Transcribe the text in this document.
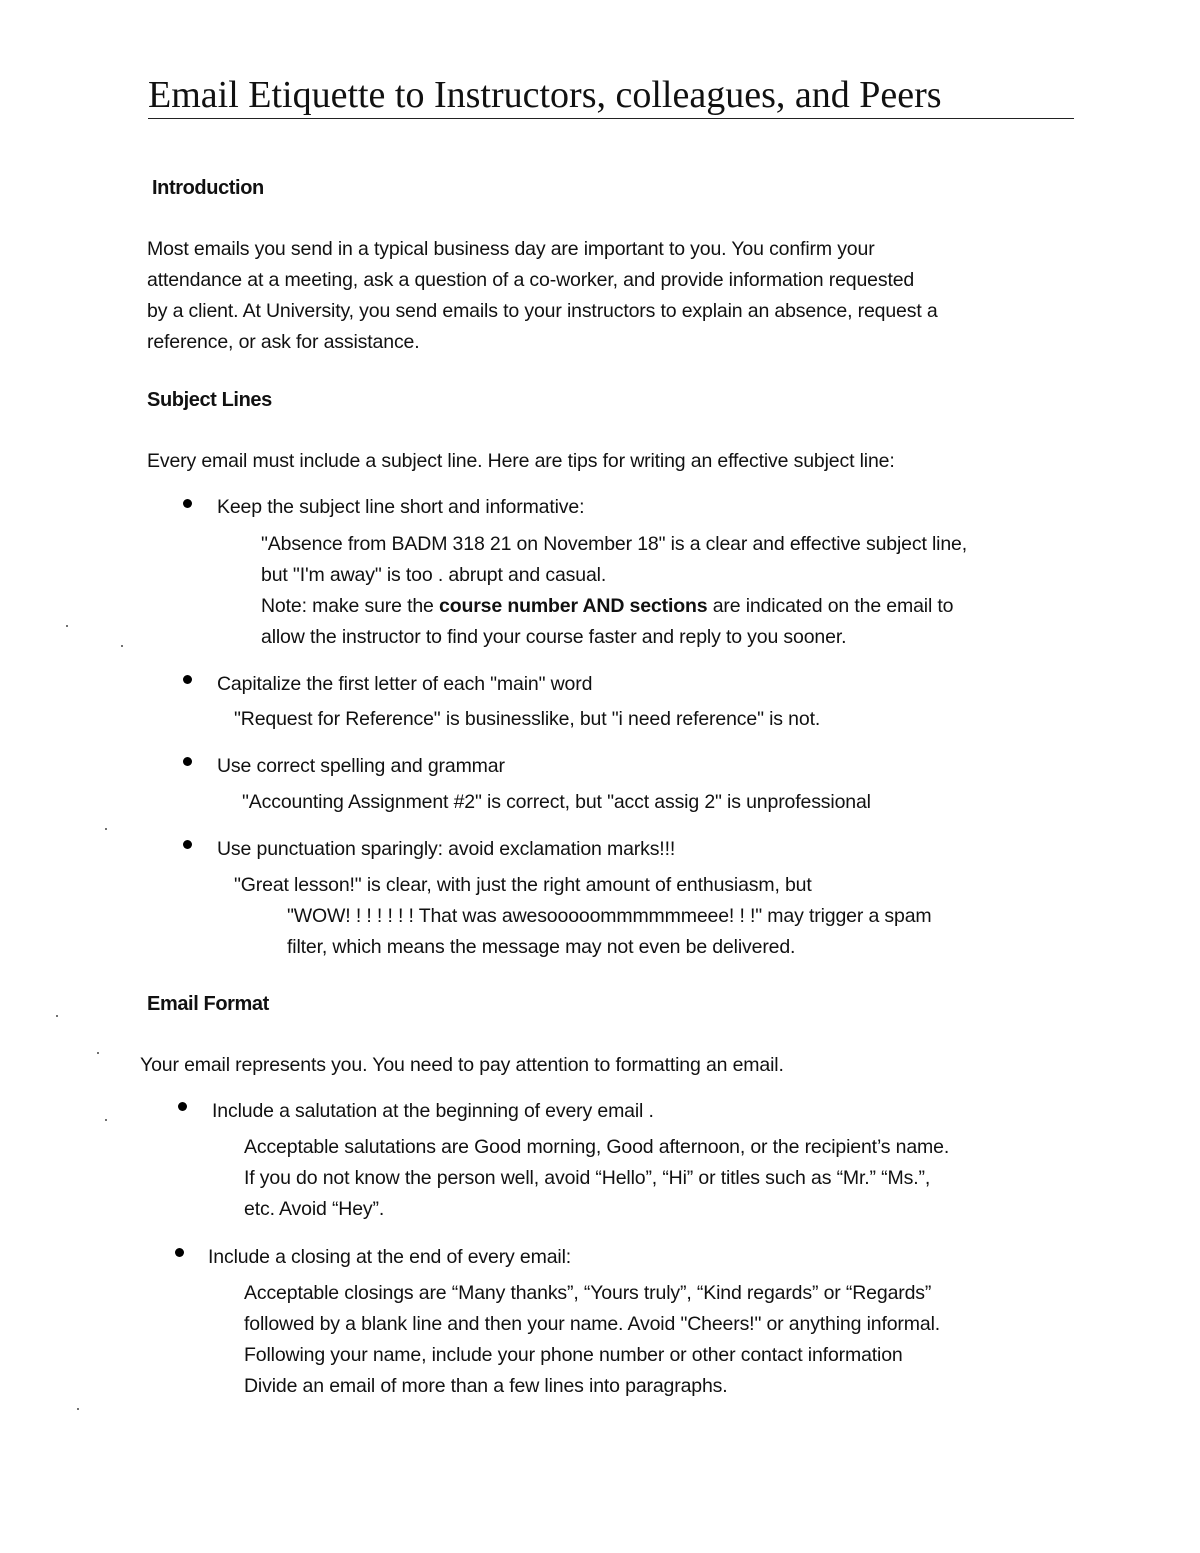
Email Etiquette to Instructors, colleagues, and Peers
Introduction
Most emails you send in a typical business day are important to you. You confirm your
attendance at a meeting, ask a question of a co-worker, and provide information requested
by a client. At University, you send emails to your instructors to explain an absence, request a
reference, or ask for assistance.
Subject Lines
Every email must include a subject line. Here are tips for writing an effective subject line:
Keep the subject line short and informative:
"Absence from BADM 318 21 on November 18" is a clear and effective subject line,
but "I'm away" is too . abrupt and casual.
Note: make sure the course number AND sections are indicated on the email to
allow the instructor to find your course faster and reply to you sooner.
Capitalize the first letter of each "main" word
"Request for Reference" is businesslike, but "i need reference" is not.
Use correct spelling and grammar
"Accounting Assignment #2" is correct, but "acct assig 2" is unprofessional
Use punctuation sparingly: avoid exclamation marks!!!
"Great lesson!" is clear, with just the right amount of enthusiasm, but
"WOW! ! ! ! ! ! ! That was awesooooommmmmmeee! ! !" may trigger a spam
filter, which means the message may not even be delivered.
Email Format
Your email represents you. You need to pay attention to formatting an email.
Include a salutation at the beginning of every email .
Acceptable salutations are Good morning, Good afternoon, or the recipient’s name.
If you do not know the person well, avoid “Hello”, “Hi” or titles such as “Mr.” “Ms.”,
etc. Avoid “Hey”.
Include a closing at the end of every email:
Acceptable closings are “Many thanks”, “Yours truly”, “Kind regards” or “Regards”
followed by a blank line and then your name. Avoid "Cheers!" or anything informal.
Following your name, include your phone number or other contact information
Divide an email of more than a few lines into paragraphs.
